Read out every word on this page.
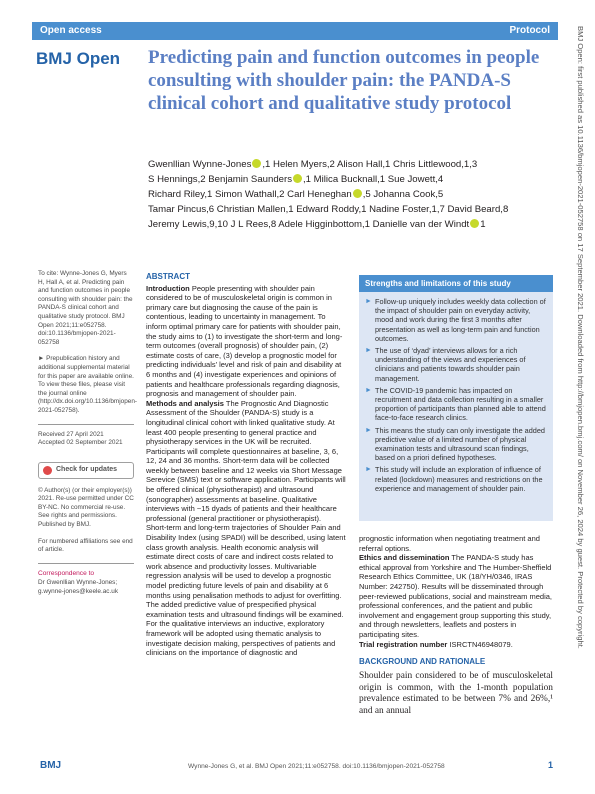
Open access	Protocol
BMJ Open Predicting pain and function outcomes in people consulting with shoulder pain: the PANDA-S clinical cohort and qualitative study protocol
Gwenllian Wynne-Jones ,1 Helen Myers,2 Alison Hall,1 Chris Littlewood,1,3
S Hennings,2 Benjamin Saunders ,1 Milica Bucknall,1 Sue Jowett,4
Richard Riley,1 Simon Wathall,2 Carl Heneghan ,5 Johanna Cook,5
Tamar Pincus,6 Christian Mallen,1 Edward Roddy,1 Nadine Foster,1,7 David Beard,8
Jeremy Lewis,9,10 J L Rees,8 Adele Higginbottom,1 Danielle van der Windt 1

To cite: Wynne-Jones G, Myers H, Hall A, et al. Predicting pain and function outcomes in people consulting with shoulder pain: the PANDA-S clinical cohort and qualitative study protocol. BMJ Open 2021;11:e052758. doi:10.1136/bmjopen-2021-052758

► Prepublication history and additional supplemental material for this paper are available online. To view these files, please visit the journal online (http://dx.doi.org/10.1136/bmjopen-2021-052758).

Received 27 April 2021
Accepted 02 September 2021
Check for updates

© Author(s) (or their employer(s)) 2021. Re-use permitted under CC BY-NC. No commercial re-use. See rights and permissions. Published by BMJ.

For numbered affiliations see end of article.

Correspondence to
Dr Gwenllian Wynne-Jones; g.wynne-jones@keele.ac.uk
ABSTRACT
Introduction People presenting with shoulder pain considered to be of musculoskeletal origin is common in primary care but diagnosing the cause of the pain is contentious, leading to uncertainty in management. To inform optimal primary care for patients with shoulder pain, the study aims to (1) to investigate the short-term and long-term outcomes (overall prognosis) of shoulder pain, (2) estimate costs of care, (3) develop a prognostic model for predicting individuals’ level and risk of pain and disability at 6 months and (4) investigate experiences and opinions of patients and healthcare professionals regarding diagnosis, prognosis and management of shoulder pain.
Methods and analysis The Prognostic And Diagnostic Assessment of the Shoulder (PANDA-S) study is a longitudinal clinical cohort with linked qualitative study. At least 400 people presenting to general practice and physiotherapy services in the UK will be recruited. Participants will complete questionnaires at baseline, 3, 6, 12, 24 and 36 months. Short-term data will be collected weekly between baseline and 12 weeks via Short Message Serevice (SMS) text or software application. Participants will be offered clinical (physiotherapist) and ultrasound (sonographer) assessments at baseline. Qualitative interviews with ~15 dyads of patients and their healthcare professional (general practitioner or physiotherapist).
Short-term and long-term trajectories of Shoulder Pain and Disability Index (using SPADI) will be described, using latent class growth analysis. Health economic analysis will estimate direct costs of care and indirect costs related to work absence and productivity losses. Multivariable regression analysis will be used to develop a prognostic model predicting future levels of pain and disability at 6 months using penalisation methods to adjust for overfitting. The added predictive value of prespecified physical examination tests and ultrasound findings will be examined. For the qualitative interviews an inductive, exploratory framework will be adopted using thematic analysis to investigate decision making, perspectives of patients and clinicians on the importance of diagnostic and
Strengths and limitations of this study
► Follow-up uniquely includes weekly data collection of the impact of shoulder pain on everyday activity, mood and work during the first 3 months after presentation as well as long-term pain and function outcomes.
► The use of ‘dyad’ interviews allows for a rich understanding of the views and experiences of clinicians and patients towards shoulder pain management.
► The COVID-19 pandemic has impacted on recruitment and data collection resulting in a smaller proportion of participants than planned able to attend face-to-face research clinics.
► This means the study can only investigate the added predictive value of a limited number of physical examination tests and ultrasound scan findings, based on a priori defined hypotheses.
► This study will include an exploration of influence of related (lockdown) measures and restrictions on the experience and management of shoulder pain.
prognostic information when negotiating treatment and referral options.
Ethics and dissemination The PANDA-S study has ethical approval from Yorkshire and The Humber-Sheffield Research Ethics Committee, UK (18/YH/0346, IRAS Number: 242750). Results will be disseminated through peer-reviewed publications, social and mainstream media, professional conferences, and the patient and public involvement and engagement group supporting this study, and through newsletters, leaflets and posters in participating sites.
Trial registration number ISRCTN46948079.
BACKGROUND AND RATIONALE
Shoulder pain considered to be of musculoskeletal origin is common, with the 1-month population prevalence estimated to be between 7% and 26%,¹ and an annual
BMJ Open: first published as 10.1136/bmjopen-2021-052758 on 17 September 2021. Downloaded from http://bmjopen.bmj.com/ on November 26, 2024 by guest. Protected by copyright.
BMJ	Wynne-Jones G, et al. BMJ Open 2021;11:e052758. doi:10.1136/bmjopen-2021-052758	1
